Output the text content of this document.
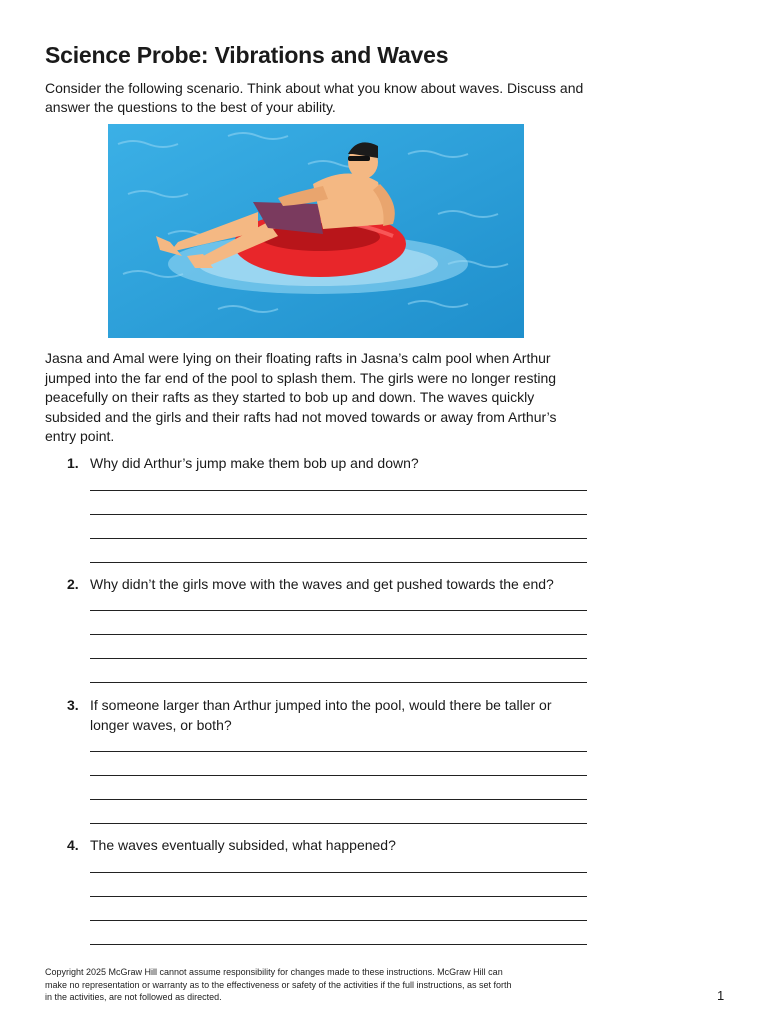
Science Probe: Vibrations and Waves
Consider the following scenario. Think about what you know about waves. Discuss and answer the questions to the best of your ability.
Jasna and Amal were lying on their floating rafts in Jasna’s calm pool when Arthur jumped into the far end of the pool to splash them. The girls were no longer resting peacefully on their rafts as they started to bob up and down. The waves quickly subsided and the girls and their rafts had not moved towards or away from Arthur’s entry point.
1. Why did Arthur’s jump make them bob up and down?
2. Why didn’t the girls move with the waves and get pushed towards the end?
3. If someone larger than Arthur jumped into the pool, would there be taller or longer waves, or both?
4. The waves eventually subsided, what happened?
Copyright 2025 McGraw Hill cannot assume responsibility for changes made to these instructions. McGraw Hill can make no representation or warranty as to the effectiveness or safety of the activities if the full instructions, as set forth in the activities, are not followed as directed.	1
